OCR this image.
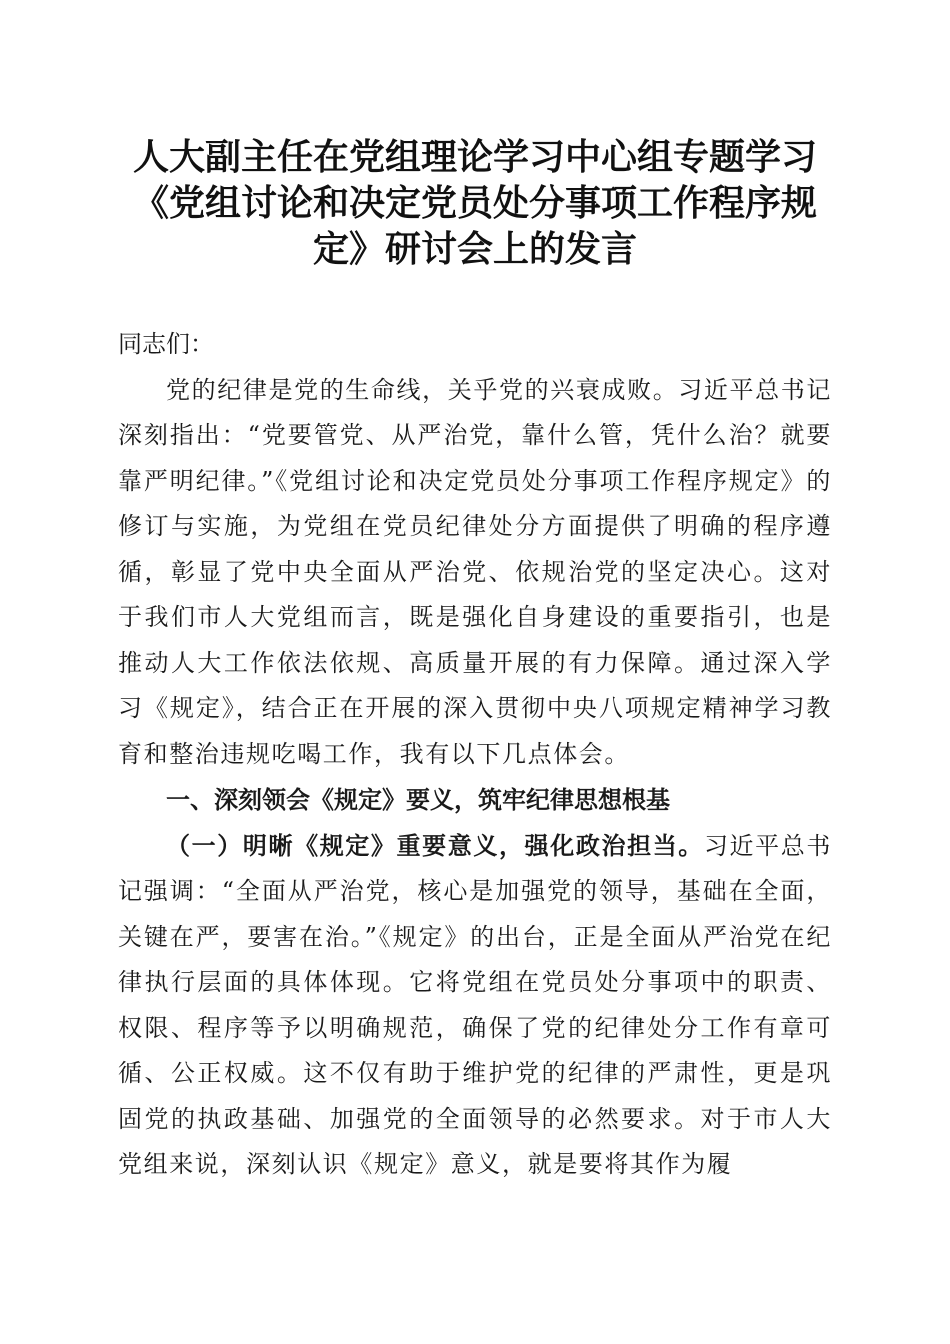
人大副主任在党组理论学习中心组专题学习
《党组讨论和决定党员处分事项工作程序规
定》研讨会上的发言

同志们：

党的纪律是党的生命线，关乎党的兴衰成败。习近平总书记深刻指出：“党要管党、从严治党，靠什么管，凭什么治？就要靠严明纪律。”《党组讨论和决定党员处分事项工作程序规定》的修订与实施，为党组在党员纪律处分方面提供了明确的程序遵循，彰显了党中央全面从严治党、依规治党的坚定决心。这对于我们市人大党组而言，既是强化自身建设的重要指引，也是推动人大工作依法依规、高质量开展的有力保障。通过深入学习《规定》，结合正在开展的深入贯彻中央八项规定精神学习教育和整治违规吃喝工作，我有以下几点体会。

一、深刻领会《规定》要义，筑牢纪律思想根基

（一）明晰《规定》重要意义，强化政治担当。习近平总书记强调：“全面从严治党，核心是加强党的领导，基础在全面，关键在严，要害在治。”《规定》的出台，正是全面从严治党在纪律执行层面的具体体现。它将党组在党员处分事项中的职责、权限、程序等予以明确规范，确保了党的纪律处分工作有章可循、公正权威。这不仅有助于维护党的纪律的严肃性，更是巩固党的执政基础、加强党的全面领导的必然要求。对于市人大党组来说，深刻认识《规定》意义，就是要将其作为履
